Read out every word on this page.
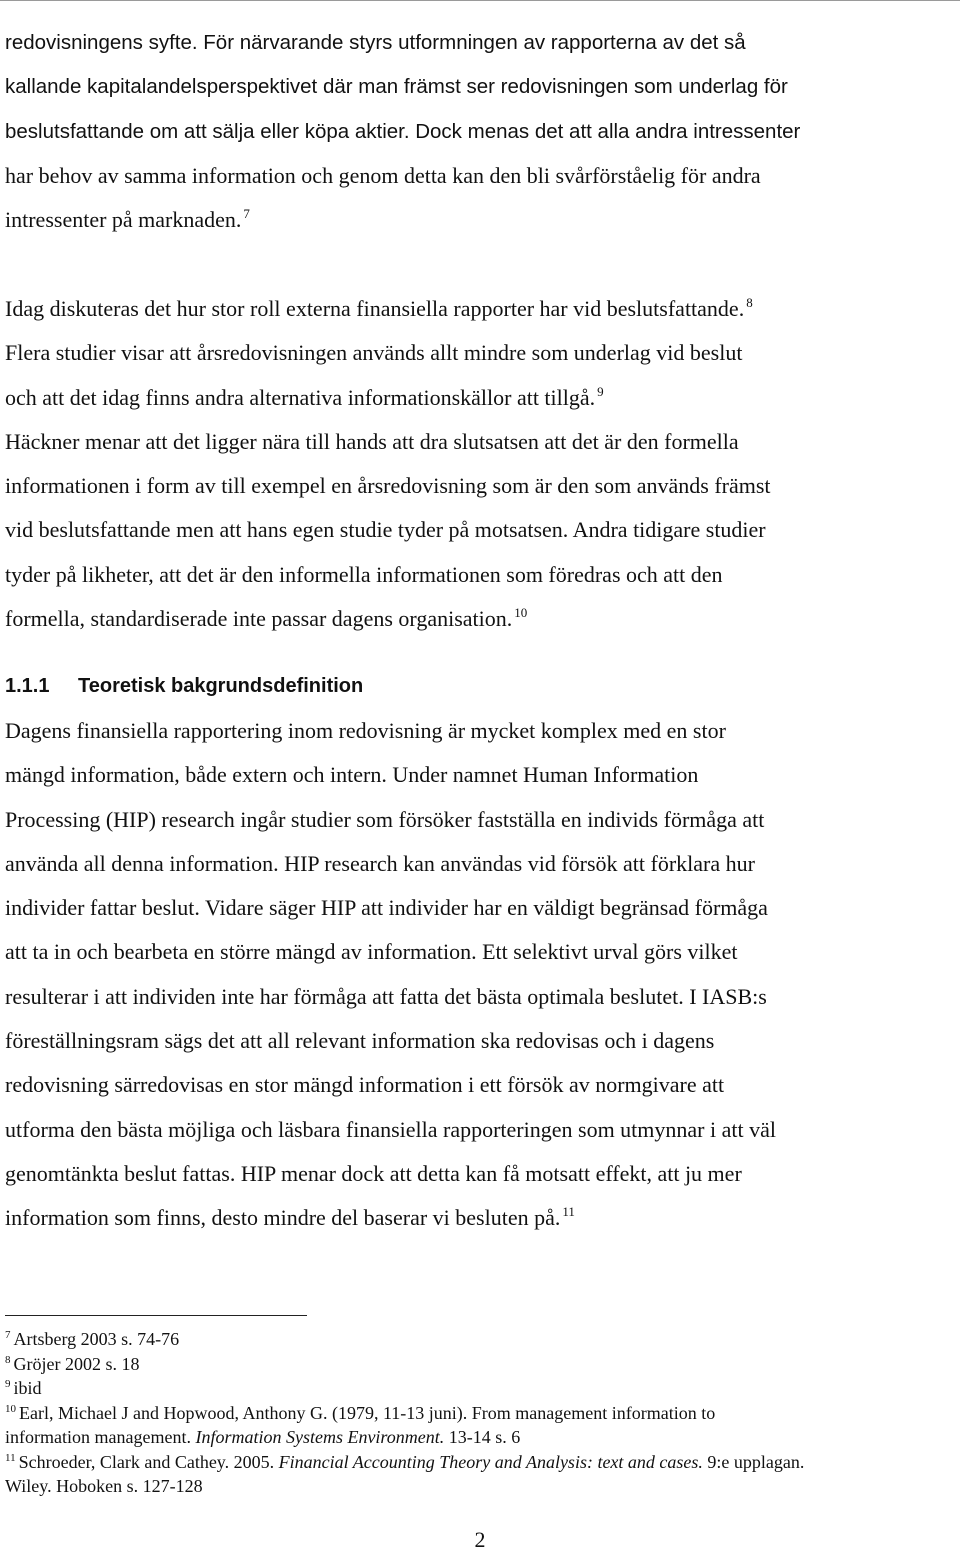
redovisningens syfte. För närvarande styrs utformningen av rapporterna av det så
kallande kapitalandelsperspektivet där man främst ser redovisningen som underlag för
beslutsfattande om att sälja eller köpa aktier. Dock menas det att alla andra intressenter
har behov av samma information och genom detta kan den bli svårförståelig för andra
intressenter på marknaden. $^7$

Idag diskuteras det hur stor roll externa finansiella rapporter har vid beslutsfattande. $^8$
Flera studier visar att årsredovisningen används allt mindre som underlag vid beslut
och att det idag finns andra alternativa informationskällor att tillgå. $^9$
Häckner menar att det ligger nära till hands att dra slutsatsen att det är den formella
informationen i form av till exempel en årsredovisning som är den som används främst
vid beslutsfattande men att hans egen studie tyder på motsatsen. Andra tidigare studier
tyder på likheter, att det är den informella informationen som föredras och att den
formella, standardiserade inte passar dagens organisation. $^{10}$

1.1.1 Teoretisk bakgrundsdefinition

Dagens finansiella rapportering inom redovisning är mycket komplex med en stor
mängd information, både extern och intern. Under namnet Human Information
Processing (HIP) research ingår studier som försöker fastställa en individs förmåga att
använda all denna information. HIP research kan användas vid försök att förklara hur
individer fattar beslut. Vidare säger HIP att individer har en väldigt begränsad förmåga
att ta in och bearbeta en större mängd av information. Ett selektivt urval görs vilket
resulterar i att individen inte har förmåga att fatta det bästa optimala beslutet. I IASB:s
föreställningsram sägs det att all relevant information ska redovisas och i dagens
redovisning särredovisas en stor mängd information i ett försök av normgivare att
utforma den bästa möjliga och läsbara finansiella rapporteringen som utmynnar i att väl
genomtänkta beslut fattas. HIP menar dock att detta kan få motsatt effekt, att ju mer
information som finns, desto mindre del baserar vi besluten på. $^{11}$

$^7$ Artsberg 2003 s. 74-76
$^8$ Gröjer 2002 s. 18
$^9$ ibid
$^{10}$ Earl, Michael J and Hopwood, Anthony G. (1979, 11-13 juni). From management information to
information management. Information Systems Environment. 13-14 s. 6
$^{11}$ Schroeder, Clark and Cathey. 2005. Financial Accounting Theory and Analysis: text and cases. 9:e upplagan.
Wiley. Hoboken s. 127-128
2
